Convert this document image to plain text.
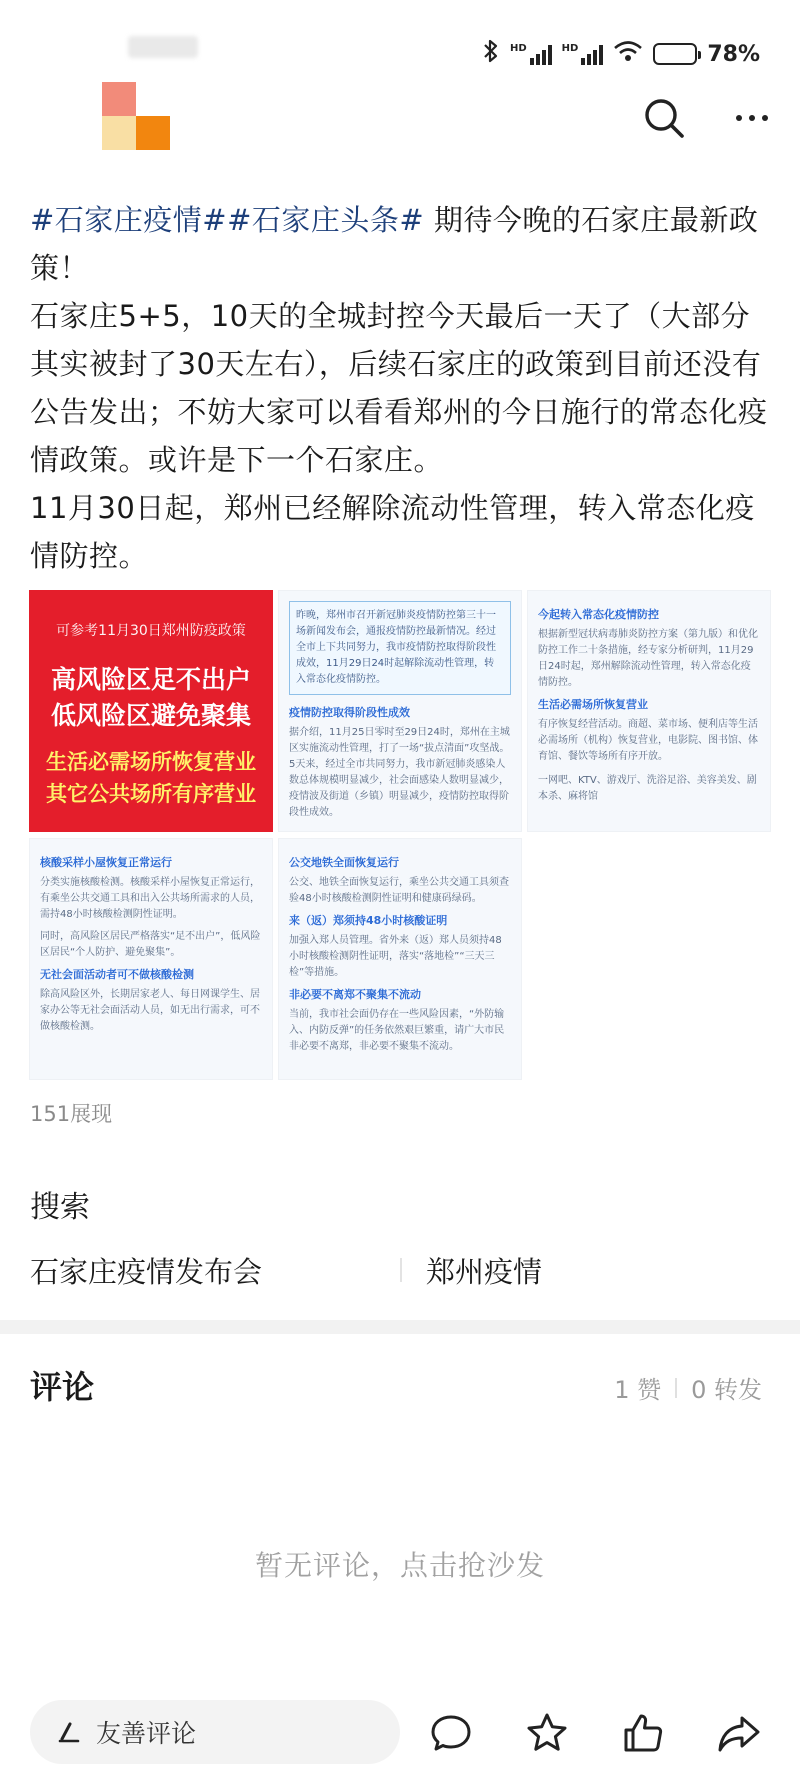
HD	HD	78%

#石家庄疫情##石家庄头条# 期待今晚的石家庄最新政策！

石家庄5+5，10天的全城封控今天最后一天了（大部分其实被封了30天左右），后续石家庄的政策到目前还没有公告发出；不妨大家可以看看郑州的今日施行的常态化疫情政策。或许是下一个石家庄。

11月30日起，郑州已经解除流动性管理，转入常态化疫情防控。

可参考11月30日郑州防疫政策
高风险区足不出户
低风险区避免聚集
生活必需场所恢复营业
其它公共场所有序营业
昨晚，郑州市召开新冠肺炎疫情防控第三十一场新闻发布会，通报疫情防控最新情况。经过全市上下共同努力，我市疫情防控取得阶段性成效，11月29日24时起解除流动性管理，转入常态化疫情防控。
疫情防控取得阶段性成效
据介绍，11月25日零时至29日24时，郑州在主城区实施流动性管理，打了一场“拔点清面”攻坚战。5天来，经过全市共同努力，我市新冠肺炎感染人数总体规模明显减少，社会面感染人数明显减少，疫情波及街道（乡镇）明显减少，疫情防控取得阶段性成效。
今起转入常态化疫情防控
根据新型冠状病毒肺炎防控方案（第九版）和优化防控工作二十条措施，经专家分析研判，11月29日24时起，郑州解除流动性管理，转入常态化疫情防控。
生活必需场所恢复营业
有序恢复经营活动。商超、菜市场、便利店等生活必需场所（机构）恢复营业，电影院、图书馆、体育馆、餐饮等场所有序开放。
一网吧、KTV、游戏厅、洗浴足浴、美容美发、剧本杀、麻将馆
核酸采样小屋恢复正常运行
分类实施核酸检测。核酸采样小屋恢复正常运行，有乘坐公共交通工具和出入公共场所需求的人员，需持48小时核酸检测阴性证明。
同时，高风险区居民严格落实“足不出户”，低风险区居民“个人防护、避免聚集”。
无社会面活动者可不做核酸检测
除高风险区外，长期居家老人、每日网课学生、居家办公等无社会面活动人员，如无出行需求，可不做核酸检测。
公交地铁全面恢复运行
公交、地铁全面恢复运行，乘坐公共交通工具须查验48小时核酸检测阴性证明和健康码绿码。
来（返）郑须持48小时核酸证明
加强入郑人员管理。省外来（返）郑人员须持48小时核酸检测阴性证明，落实“落地检”“三天三检”等措施。
非必要不离郑不聚集不流动
当前，我市社会面仍存在一些风险因素，“外防输入、内防反弹”的任务依然艰巨繁重，请广大市民非必要不离郑，非必要不聚集不流动。
151展现
搜索
石家庄疫情发布会	郑州疫情
评论	1 赞 0 转发
暂无评论，点击抢沙发
友善评论
